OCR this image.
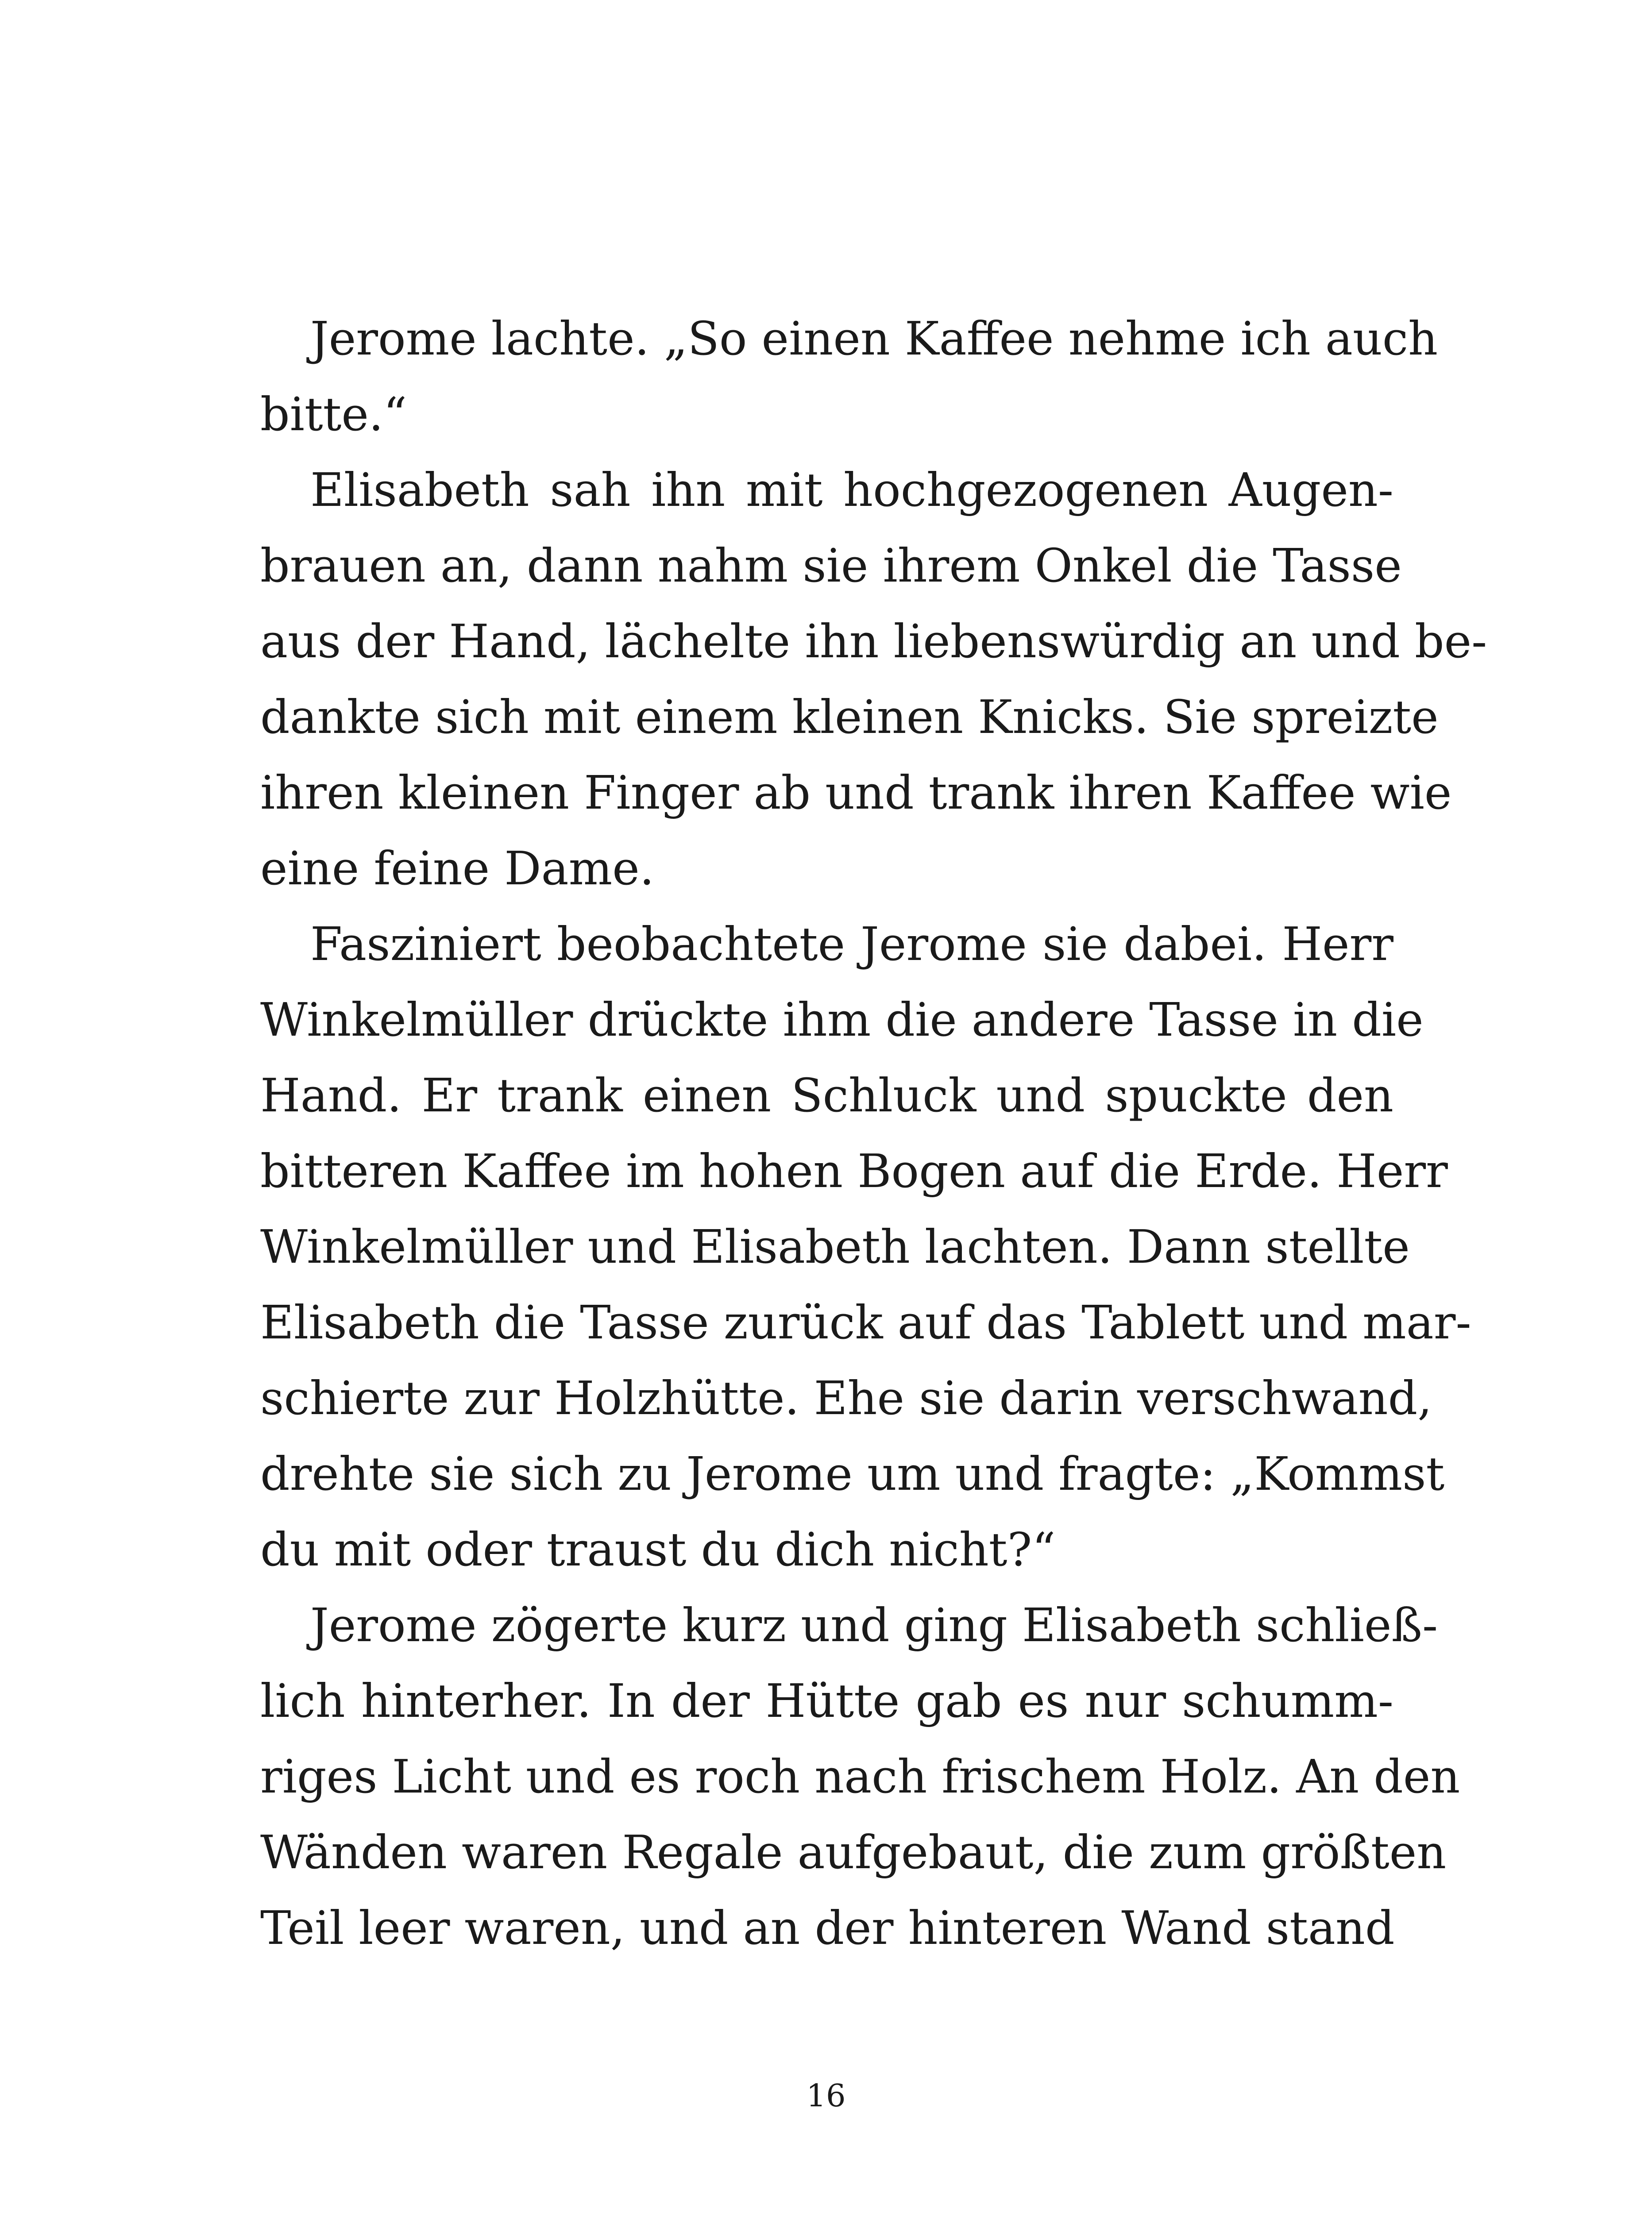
Jerome lachte. „So einen Kaffee nehme ich auch
bitte.“
Elisabeth sah ihn mit hochgezogenen Augen-
brauen an, dann nahm sie ihrem Onkel die Tasse
aus der Hand, lächelte ihn liebenswürdig an und be-
dankte sich mit einem kleinen Knicks. Sie spreizte
ihren kleinen Finger ab und trank ihren Kaffee wie
eine feine Dame.
Fasziniert beobachtete Jerome sie dabei. Herr
Winkelmüller drückte ihm die andere Tasse in die
Hand. Er trank einen Schluck und spuckte den
bitteren Kaffee im hohen Bogen auf die Erde. Herr
Winkelmüller und Elisabeth lachten. Dann stellte
Elisabeth die Tasse zurück auf das Tablett und mar-
schierte zur Holzhütte. Ehe sie darin verschwand,
drehte sie sich zu Jerome um und fragte: „Kommst
du mit oder traust du dich nicht?“
Jerome zögerte kurz und ging Elisabeth schließ-
lich hinterher. In der Hütte gab es nur schumm-
riges Licht und es roch nach frischem Holz. An den
Wänden waren Regale aufgebaut, die zum größten
Teil leer waren, und an der hinteren Wand stand
16
